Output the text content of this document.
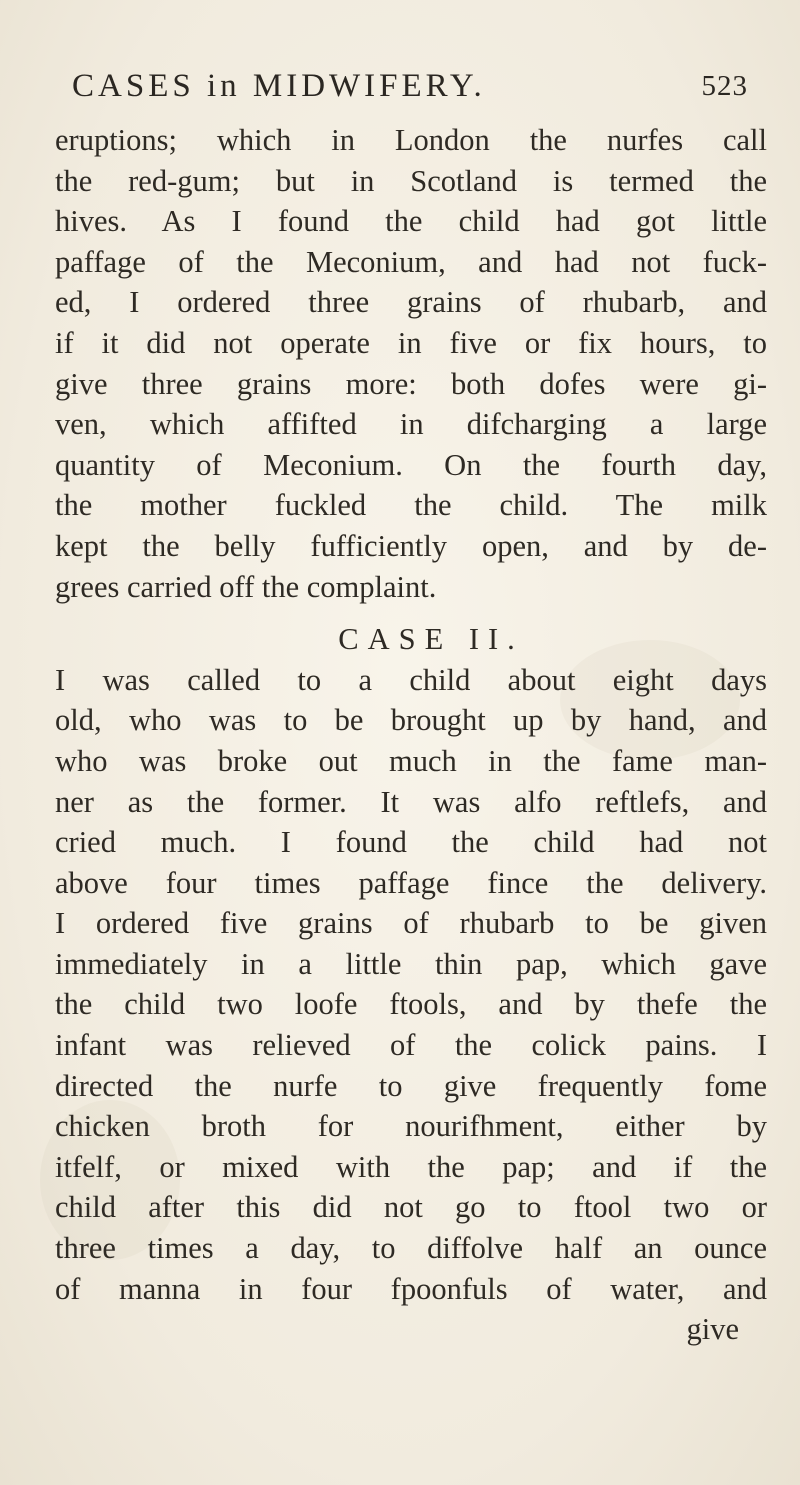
CASES in MIDWIFERY.	523
eruptions; which in London the nurfes call
the red-gum; but in Scotland is termed the
hives. As I found the child had got little
paffage of the Meconium, and had not fuck-
ed, I ordered three grains of rhubarb, and
if it did not operate in five or fix hours, to
give three grains more: both dofes were gi-
ven, which affifted in difcharging a large
quantity of Meconium. On the fourth day,
the mother fuckled the child. The milk
kept the belly fufficiently open, and by de-
grees carried off the complaint.
CASE II.
I was called to a child about eight days
old, who was to be brought up by hand, and
who was broke out much in the fame man-
ner as the former. It was alfo reftlefs, and
cried much. I found the child had not
above four times paffage fince the delivery.
I ordered five grains of rhubarb to be given
immediately in a little thin pap, which gave
the child two loofe ftools, and by thefe the
infant was relieved of the colick pains. I
directed the nurfe to give frequently fome
chicken broth for nourifhment, either by
itfelf, or mixed with the pap; and if the
child after this did not go to ftool two or
three times a day, to diffolve half an ounce
of manna in four fpoonfuls of water, and
give
